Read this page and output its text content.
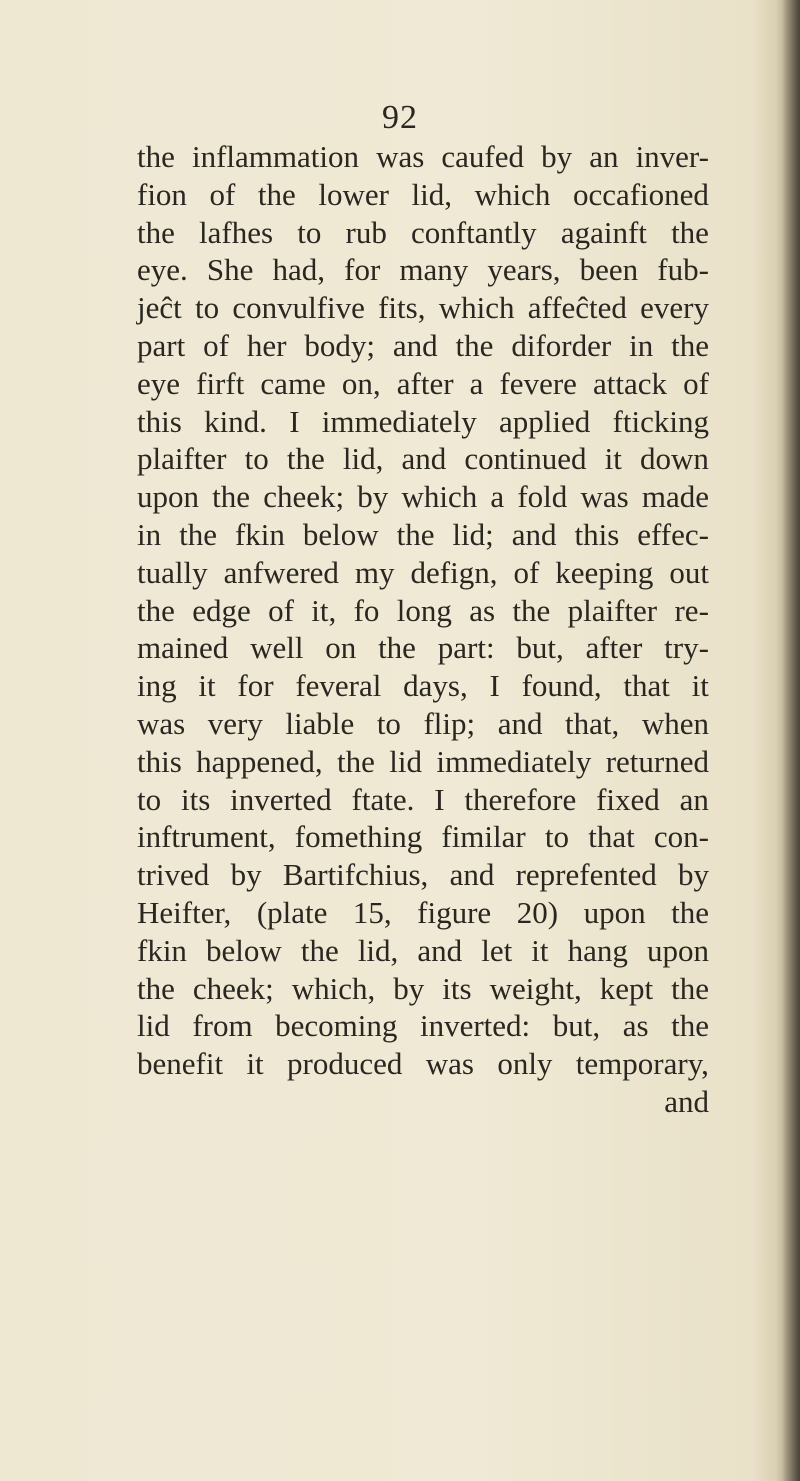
92
the inflammation was caufed by an inver-
fion of the lower lid, which occafioned
the lafhes to rub conftantly againft the
eye. She had, for many years, been fub-
jeĉt to convulfive fits, which affeĉted every
part of her body; and the diforder in the
eye firft came on, after a fevere attack of
this kind. I immediately applied fticking
plaifter to the lid, and continued it down
upon the cheek; by which a fold was made
in the fkin below the lid; and this effec-
tually anfwered my defign, of keeping out
the edge of it, fo long as the plaifter re-
mained well on the part: but, after try-
ing it for feveral days, I found, that it
was very liable to flip; and that, when
this happened, the lid immediately returned
to its inverted ftate. I therefore fixed an
inftrument, fomething fimilar to that con-
trived by Bartifchius, and reprefented by
Heifter, (plate 15, figure 20) upon the
fkin below the lid, and let it hang upon
the cheek; which, by its weight, kept the
lid from becoming inverted: but, as the
benefit it produced was only temporary,
and
